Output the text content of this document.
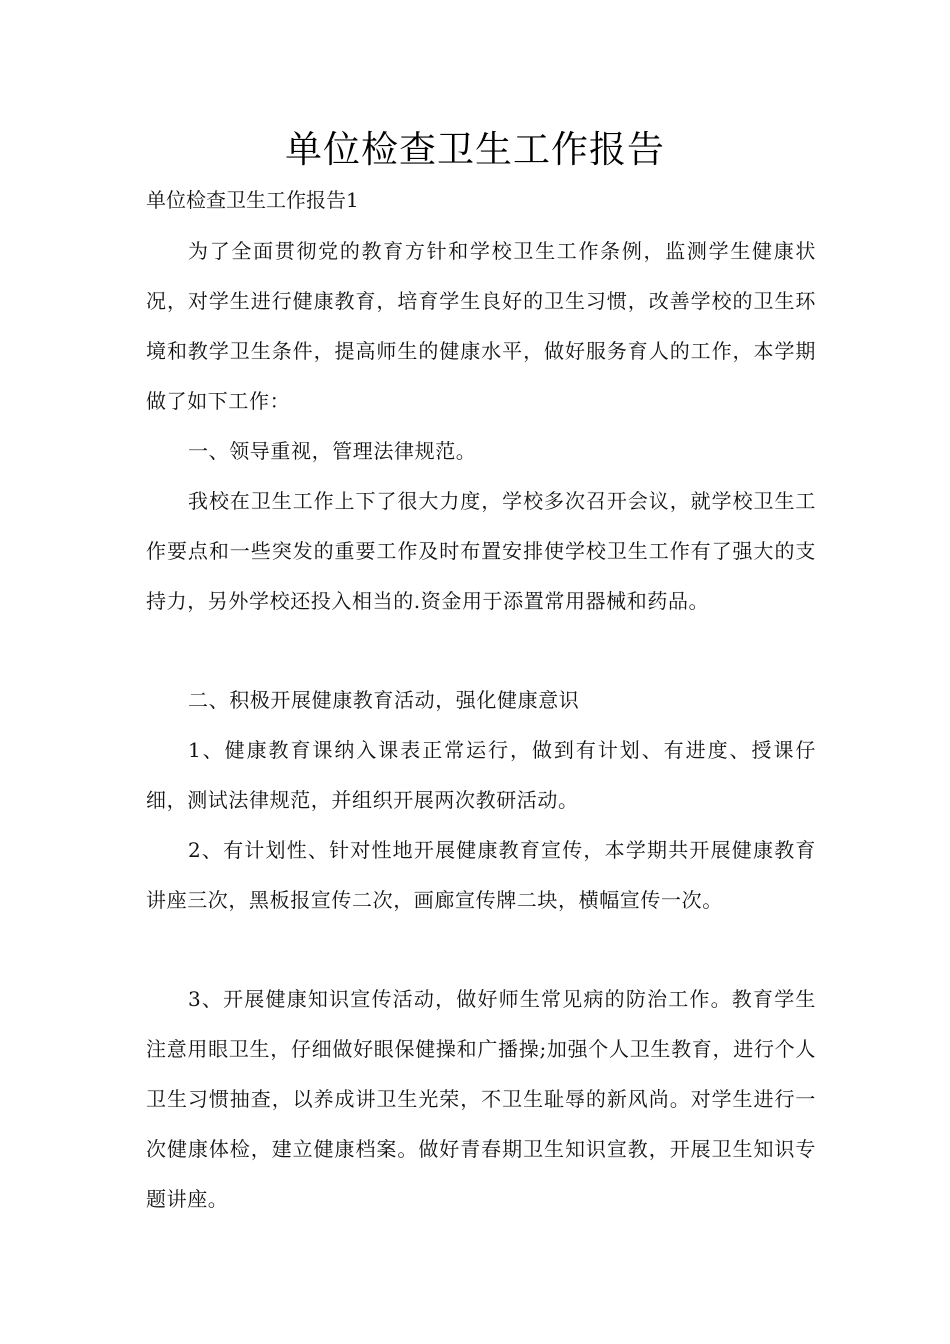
单位检查卫生工作报告

单位检查卫生工作报告1

为了全面贯彻党的教育方针和学校卫生工作条例，监测学生健康状况，对学生进行健康教育，培育学生良好的卫生习惯，改善学校的卫生环境和教学卫生条件，提高师生的健康水平，做好服务育人的工作，本学期做了如下工作：

一、领导重视，管理法律规范。

我校在卫生工作上下了很大力度，学校多次召开会议，就学校卫生工作要点和一些突发的重要工作及时布置安排使学校卫生工作有了强大的支持力，另外学校还投入相当的.资金用于添置常用器械和药品。

二、积极开展健康教育活动，强化健康意识

1、健康教育课纳入课表正常运行，做到有计划、有进度、授课仔细，测试法律规范，并组织开展两次教研活动。

2、有计划性、针对性地开展健康教育宣传，本学期共开展健康教育讲座三次，黑板报宣传二次，画廊宣传牌二块，横幅宣传一次。

3、开展健康知识宣传活动，做好师生常见病的防治工作。教育学生注意用眼卫生，仔细做好眼保健操和广播操;加强个人卫生教育，进行个人卫生习惯抽查，以养成讲卫生光荣，不卫生耻辱的新风尚。对学生进行一次健康体检，建立健康档案。做好青春期卫生知识宣教，开展卫生知识专题讲座。
